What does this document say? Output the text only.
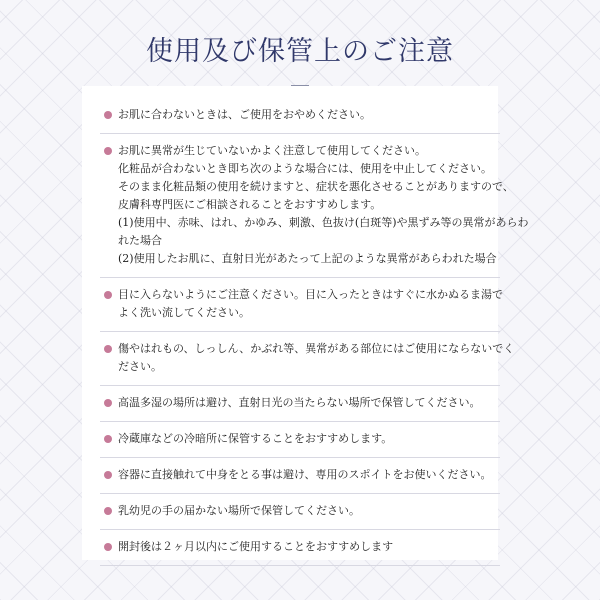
使用及び保管上のご注意
お肌に合わないときは、ご使用をおやめください。
お肌に異常が生じていないかよく注意して使用してください。
化粧品が合わないとき即ち次のような場合には、使用を中止してください。
そのまま化粧品類の使用を続けますと、症状を悪化させることがありますので、
皮膚科専門医にご相談されることをおすすめします。
(1)使用中、赤味、はれ、かゆみ、刺激、色抜け(白斑等)や黒ずみ等の異常があらわ
れた場合
(2)使用したお肌に、直射日光があたって上記のような異常があらわれた場合
目に入らないようにご注意ください。目に入ったときはすぐに水かぬるま湯で
よく洗い流してください。
傷やはれもの、しっしん、かぶれ等、異常がある部位にはご使用にならないでく
ださい。
高温多湿の場所は避け、直射日光の当たらない場所で保管してください。
冷蔵庫などの冷暗所に保管することをおすすめします。
容器に直接触れて中身をとる事は避け、専用のスポイトをお使いください。
乳幼児の手の届かない場所で保管してください。
開封後は２ヶ月以内にご使用することをおすすめします
